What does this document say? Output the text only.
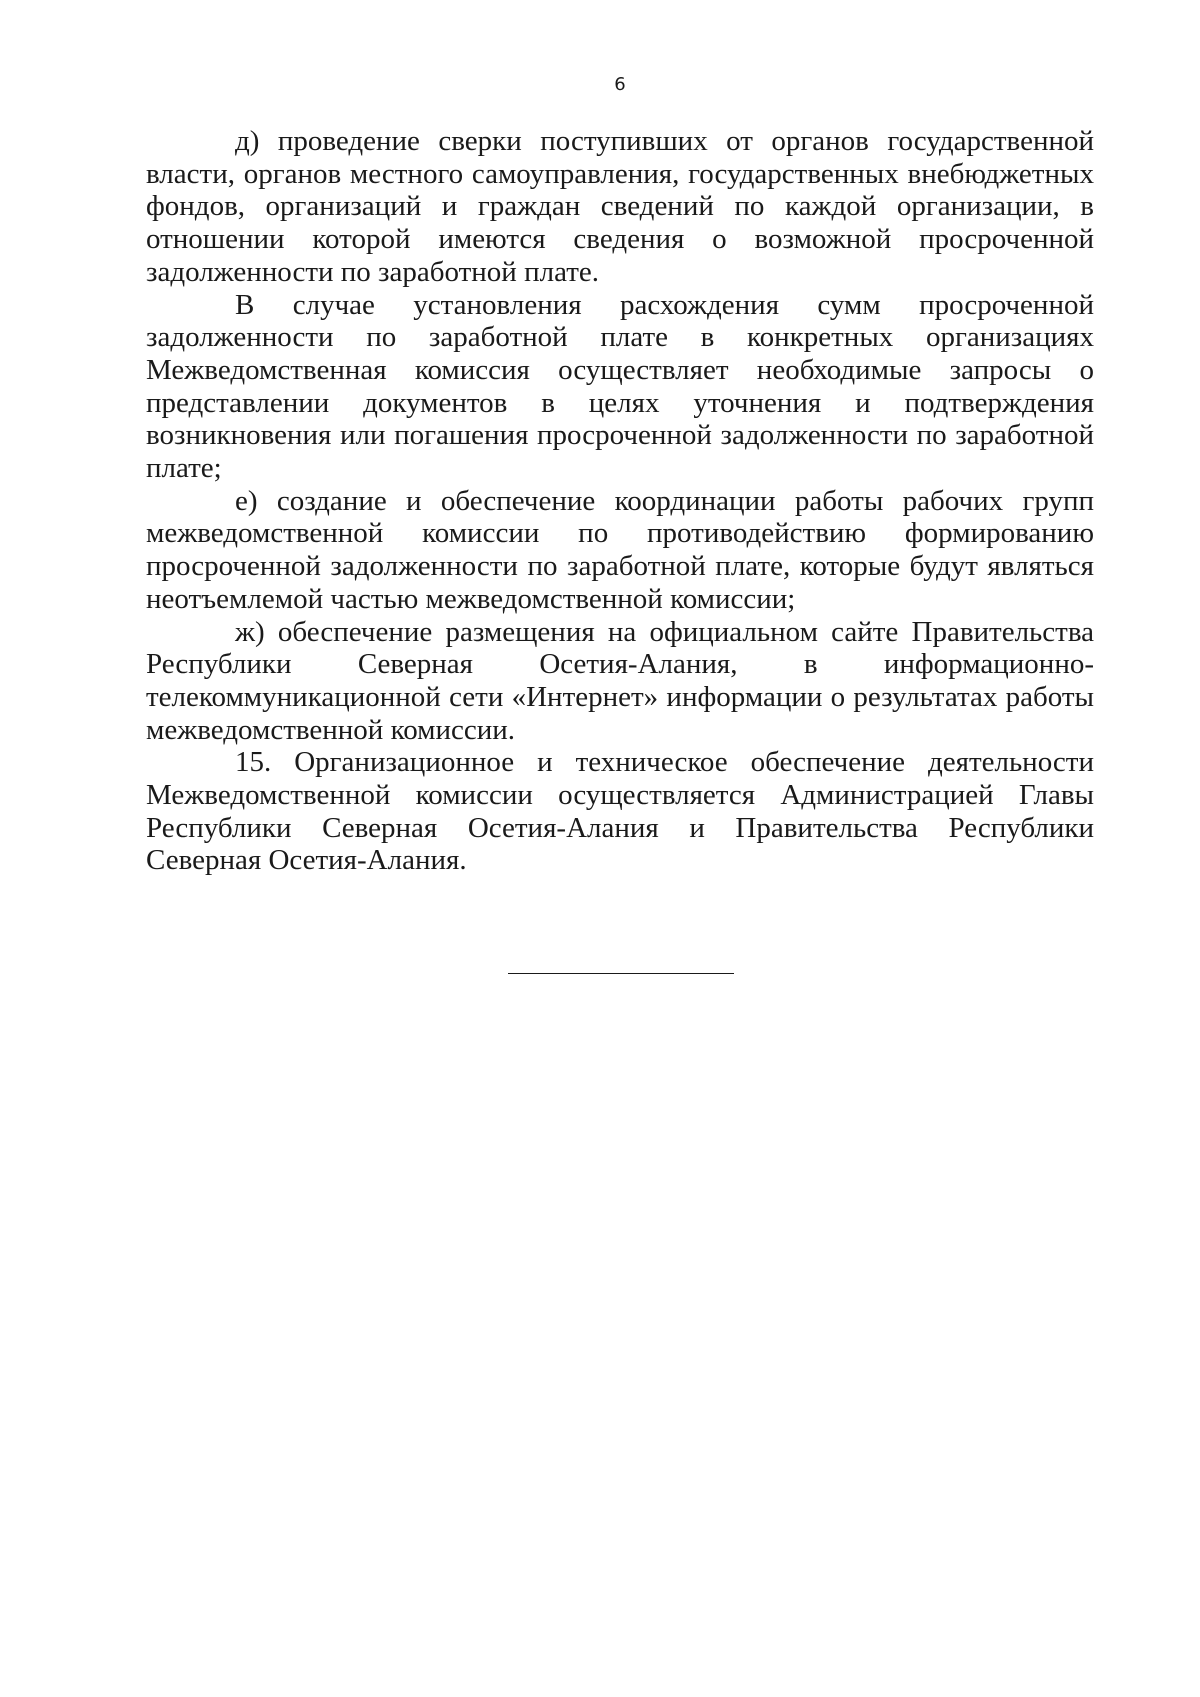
6

д) проведение сверки поступивших от органов государственной власти, органов местного самоуправления, государственных внебюджетных фондов, организаций и граждан сведений по каждой организации, в отношении которой имеются сведения о возможной просроченной задолженности по заработной плате.

В случае установления расхождения сумм просроченной задолженности по заработной плате в конкретных организациях Межведомственная комиссия осуществляет необходимые запросы о представлении документов в целях уточнения и подтверждения возникновения или погашения просроченной задолженности по заработной плате;

е) создание и обеспечение координации работы рабочих групп межведомственной комиссии по противодействию формированию просроченной задолженности по заработной плате, которые будут являться неотъемлемой частью межведомственной комиссии;

ж) обеспечение размещения на официальном сайте Правительства Республики Северная Осетия-Алания, в информационно-телекоммуникационной сети «Интернет» информации о результатах работы межведомственной комиссии.

15. Организационное и техническое обеспечение деятельности Межведомственной комиссии осуществляется Администрацией Главы Республики Северная Осетия-Алания и Правительства Республики Северная Осетия-Алания.
